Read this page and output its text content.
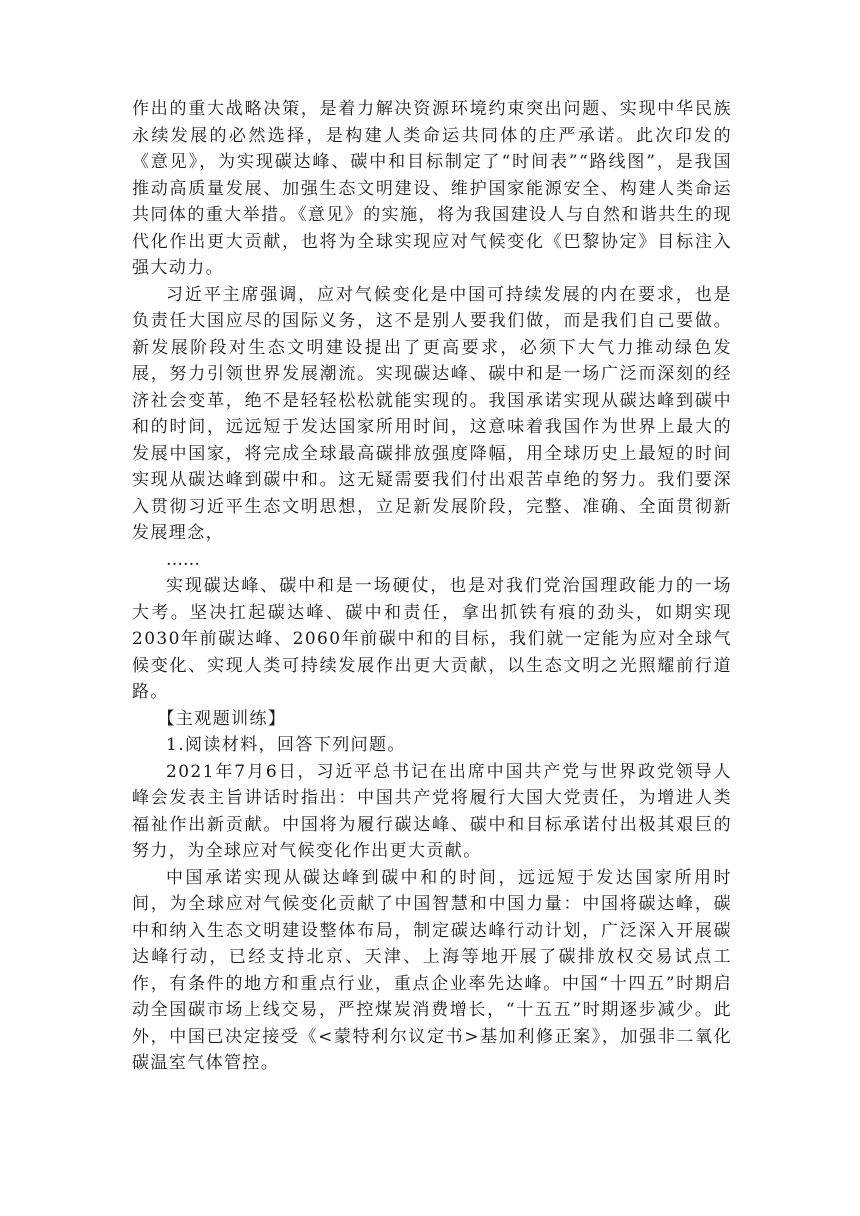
作出的重大战略决策，是着力解决资源环境约束突出问题、实现中华民族永续发展的必然选择，是构建人类命运共同体的庄严承诺。此次印发的《意见》，为实现碳达峰、碳中和目标制定了“时间表”“路线图”，是我国推动高质量发展、加强生态文明建设、维护国家能源安全、构建人类命运共同体的重大举措。《意见》的实施，将为我国建设人与自然和谐共生的现代化作出更大贡献，也将为全球实现应对气候变化《巴黎协定》目标注入强大动力。

习近平主席强调，应对气候变化是中国可持续发展的内在要求，也是负责任大国应尽的国际义务，这不是别人要我们做，而是我们自己要做。新发展阶段对生态文明建设提出了更高要求，必须下大气力推动绿色发展，努力引领世界发展潮流。实现碳达峰、碳中和是一场广泛而深刻的经济社会变革，绝不是轻轻松松就能实现的。我国承诺实现从碳达峰到碳中和的时间，远远短于发达国家所用时间，这意味着我国作为世界上最大的发展中国家，将完成全球最高碳排放强度降幅，用全球历史上最短的时间实现从碳达峰到碳中和。这无疑需要我们付出艰苦卓绝的努力。我们要深入贯彻习近平生态文明思想，立足新发展阶段，完整、准确、全面贯彻新发展理念，

……

实现碳达峰、碳中和是一场硬仗，也是对我们党治国理政能力的一场大考。坚决扛起碳达峰、碳中和责任，拿出抓铁有痕的劲头，如期实现2030年前碳达峰、2060年前碳中和的目标，我们就一定能为应对全球气候变化、实现人类可持续发展作出更大贡献，以生态文明之光照耀前行道路。

【主观题训练】

1.阅读材料，回答下列问题。

2021年7月6日，习近平总书记在出席中国共产党与世界政党领导人峰会发表主旨讲话时指出：中国共产党将履行大国大党责任，为增进人类福祉作出新贡献。中国将为履行碳达峰、碳中和目标承诺付出极其艰巨的努力，为全球应对气候变化作出更大贡献。

中国承诺实现从碳达峰到碳中和的时间，远远短于发达国家所用时间，为全球应对气候变化贡献了中国智慧和中国力量：中国将碳达峰，碳中和纳入生态文明建设整体布局，制定碳达峰行动计划，广泛深入开展碳达峰行动，已经支持北京、天津、上海等地开展了碳排放权交易试点工作，有条件的地方和重点行业，重点企业率先达峰。中国“十四五”时期启动全国碳市场上线交易，严控煤炭消费增长，“十五五”时期逐步减少。此外，中国已决定接受《<蒙特利尔议定书>基加利修正案》，加强非二氧化碳温室气体管控。
